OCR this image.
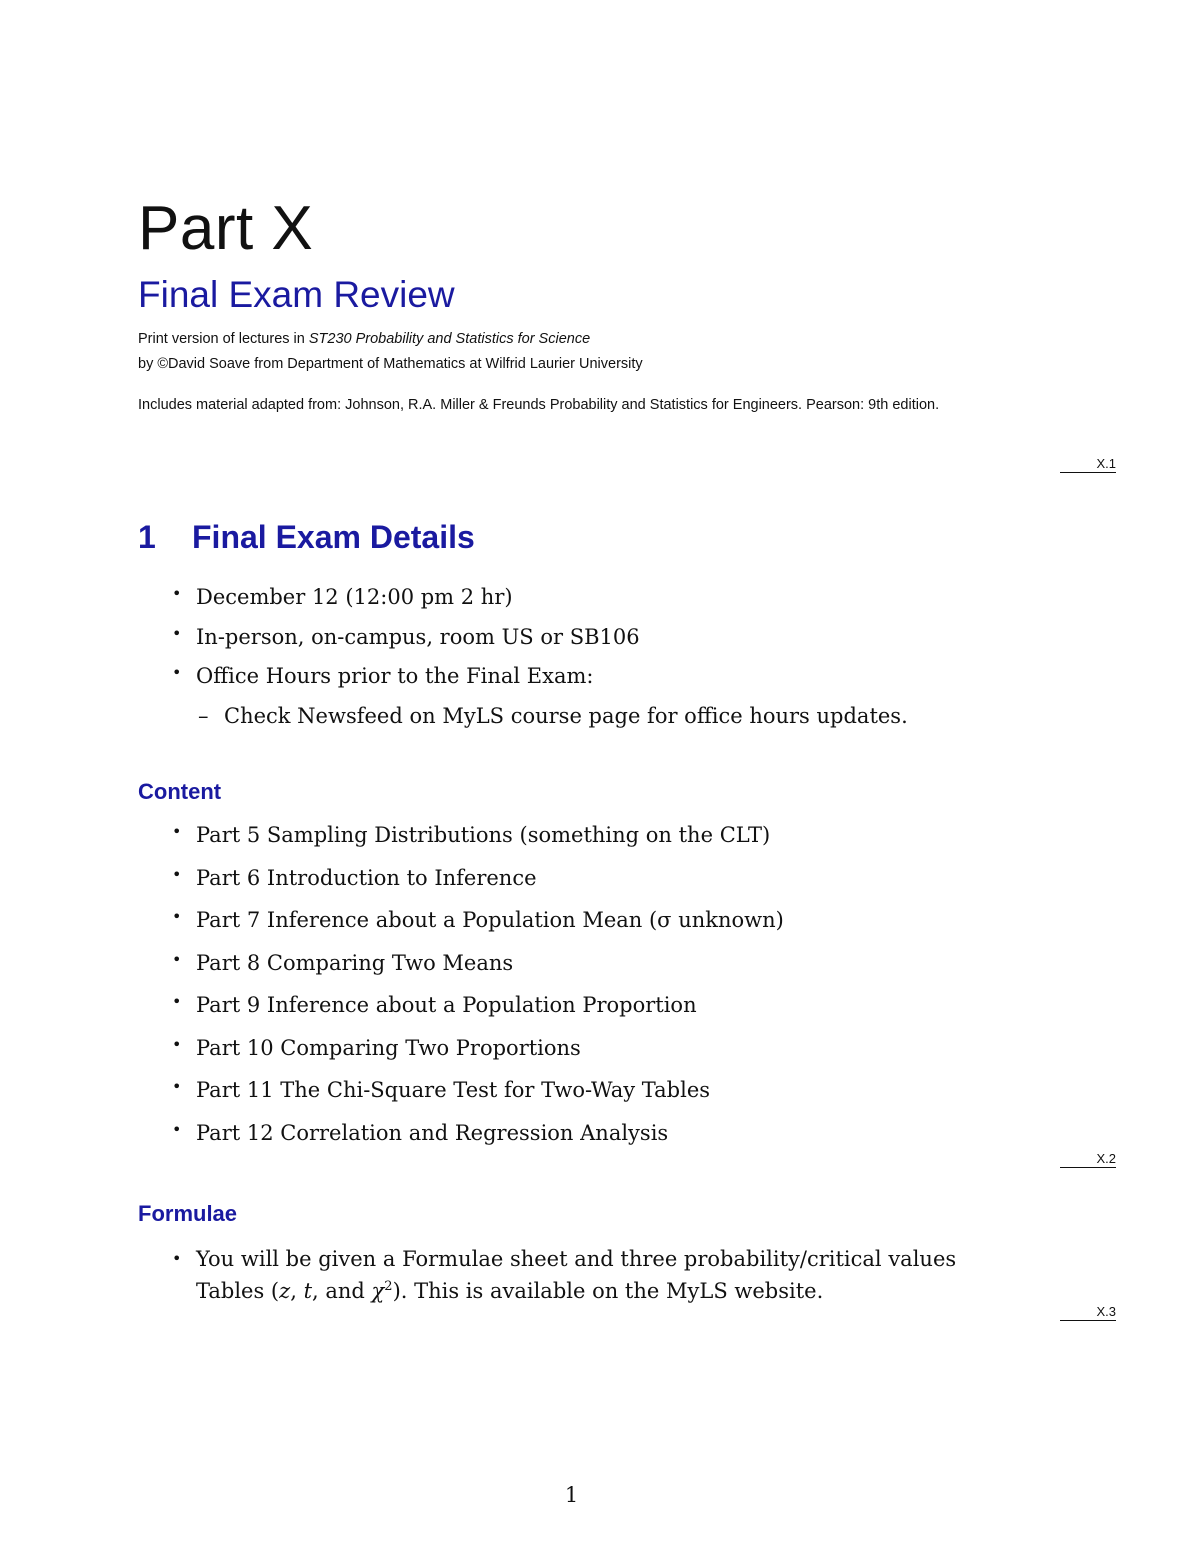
Part X
Final Exam Review

Print version of lectures in ST230 Probability and Statistics for Science

by ©David Soave from Department of Mathematics at Wilfrid Laurier University

Includes material adapted from: Johnson, R.A. Miller & Freunds Probability and Statistics for Engineers. Pearson: 9th edition.

X.1
1 Final Exam Details
• December 12 (12:00 pm 2 hr)
• In-person, on-campus, room US or SB106
• Office Hours prior to the Final Exam:
– Check Newsfeed on MyLS course page for office hours updates.
Content
• Part 5 Sampling Distributions (something on the CLT)
• Part 6 Introduction to Inference
• Part 7 Inference about a Population Mean (σ unknown)
• Part 8 Comparing Two Means
• Part 9 Inference about a Population Proportion
• Part 10 Comparing Two Proportions
• Part 11 The Chi-Square Test for Two-Way Tables
• Part 12 Correlation and Regression Analysis
X.2
Formulae
• You will be given a Formulae sheet and three probability/critical values
Tables (z, t, and $\chi^2$). This is available on the MyLS website.
X.3
1
